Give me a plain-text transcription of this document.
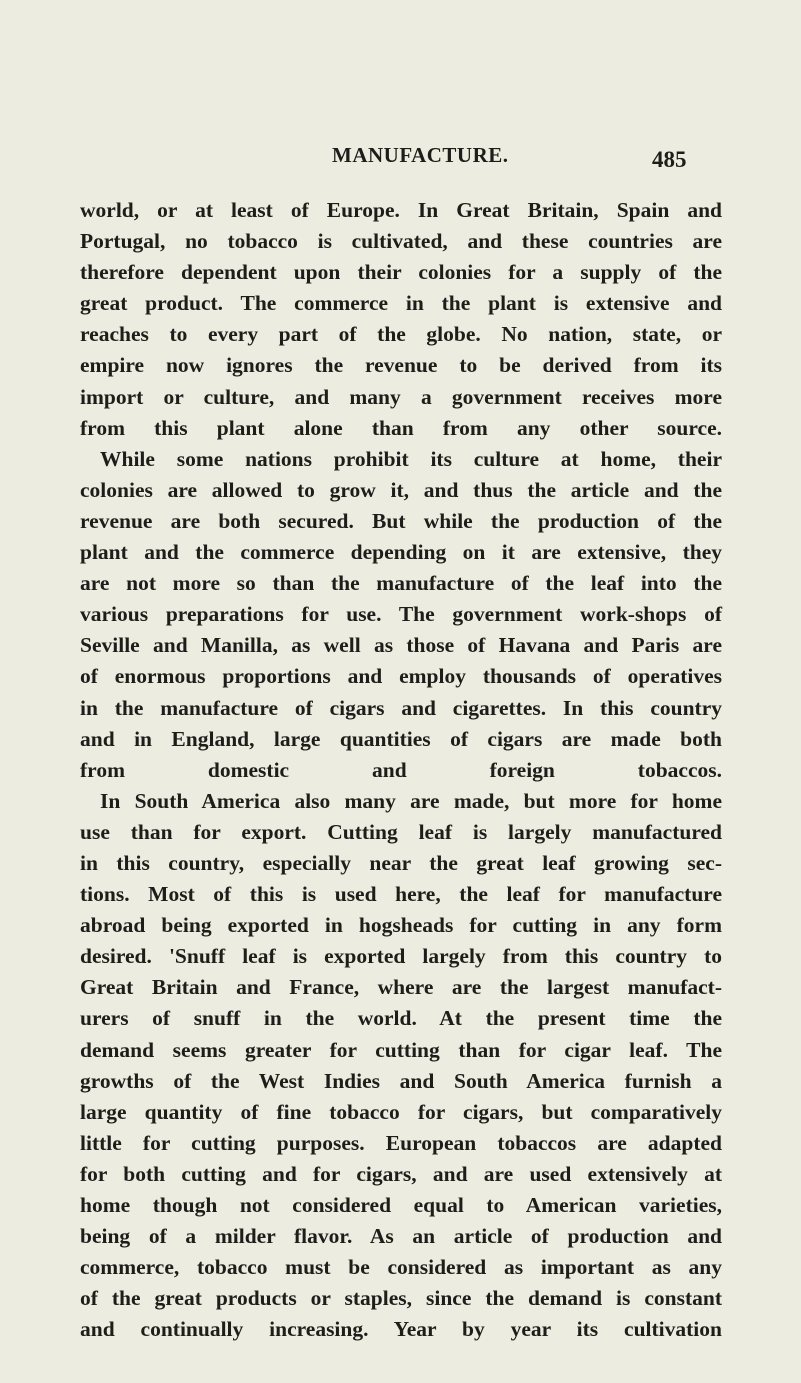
MANUFACTURE.	485
world, or at least of Europe. In Great Britain, Spain and
Portugal, no tobacco is cultivated, and these countries are
therefore dependent upon their colonies for a supply of the
great product. The commerce in the plant is extensive and
reaches to every part of the globe. No nation, state, or
empire now ignores the revenue to be derived from its
import or culture, and many a government receives more
from this plant alone than from any other source.
While some nations prohibit its culture at home, their
colonies are allowed to grow it, and thus the article and the
revenue are both secured. But while the production of the
plant and the commerce depending on it are extensive, they
are not more so than the manufacture of the leaf into the
various preparations for use. The government work-shops of
Seville and Manilla, as well as those of Havana and Paris are
of enormous proportions and employ thousands of operatives
in the manufacture of cigars and cigarettes. In this country
and in England, large quantities of cigars are made both
from domestic and foreign tobaccos.
In South America also many are made, but more for home
use than for export. Cutting leaf is largely manufactured
in this country, especially near the great leaf growing sec-
tions. Most of this is used here, the leaf for manufacture
abroad being exported in hogsheads for cutting in any form
desired. 'Snuff leaf is exported largely from this country to
Great Britain and France, where are the largest manufact-
urers of snuff in the world. At the present time the
demand seems greater for cutting than for cigar leaf. The
growths of the West Indies and South America furnish a
large quantity of fine tobacco for cigars, but comparatively
little for cutting purposes. European tobaccos are adapted
for both cutting and for cigars, and are used extensively at
home though not considered equal to American varieties,
being of a milder flavor. As an article of production and
commerce, tobacco must be considered as important as any
of the great products or staples, since the demand is constant
and continually increasing. Year by year its cultivation
